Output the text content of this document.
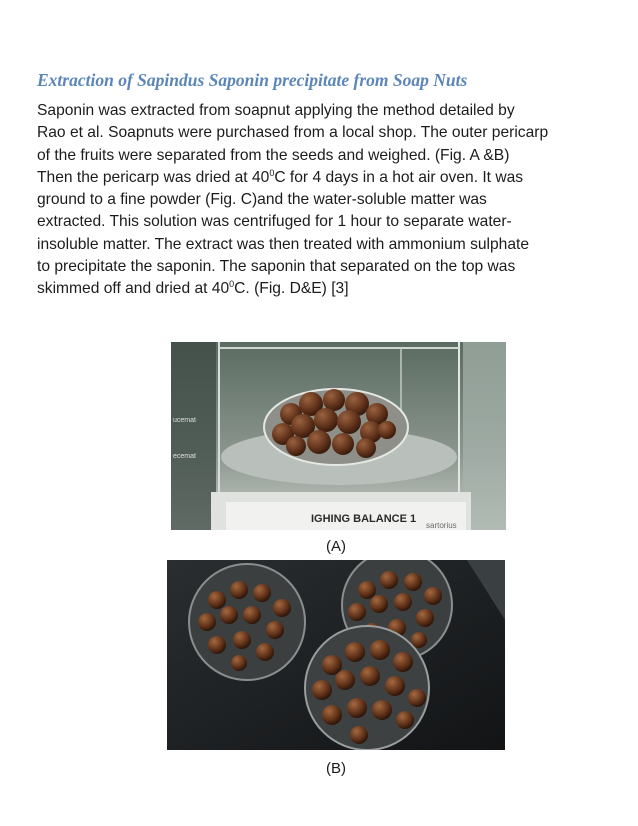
Extraction of Sapindus Saponin precipitate from Soap Nuts
Saponin was extracted from soapnut applying the method detailed by
Rao et al. Soapnuts were purchased from a local shop. The outer pericarp
of the fruits were separated from the seeds and weighed. (Fig. A &B)
Then the pericarp was dried at $40^0C$ for 4 days in a hot air oven. It was
ground to a fine powder (Fig. C)and the water-soluble matter was
extracted. This solution was centrifuged for 1 hour to separate water-
insoluble matter. The extract was then treated with ammonium sulphate
to precipitate the saponin. The saponin that separated on the top was
skimmed off and dried at $40^0C$. (Fig. D&E) [3]
IGHING BALANCE 1
sartorius
ucemat
ecemat
(A)
(B)
